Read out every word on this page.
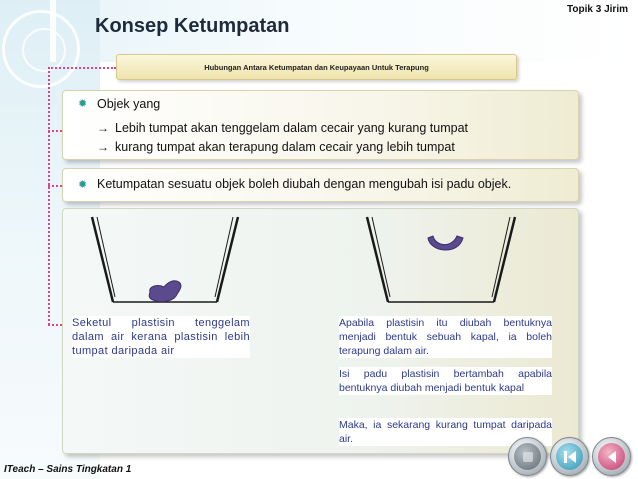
Topik 3 Jirim
Konsep Ketumpatan
Hubungan Antara Ketumpatan dan Keupayaan Untuk Terapung
✹ Objek yang
→ Lebih tumpat akan tenggelam dalam cecair yang kurang tumpat
→ kurang tumpat akan terapung dalam cecair yang lebih tumpat
✹ Ketumpatan sesuatu objek boleh diubah dengan mengubah isi padu objek.
Seketul plastisin tenggelam dalam air kerana plastisin lebih tumpat daripada air
Apabila plastisin itu diubah bentuknya menjadi bentuk sebuah kapal, ia boleh terapung dalam air.
Isi padu plastisin bertambah apabila bentuknya diubah menjadi bentuk kapal
Maka, ia sekarang kurang tumpat daripada air.
ITeach – Sains Tingkatan 1
